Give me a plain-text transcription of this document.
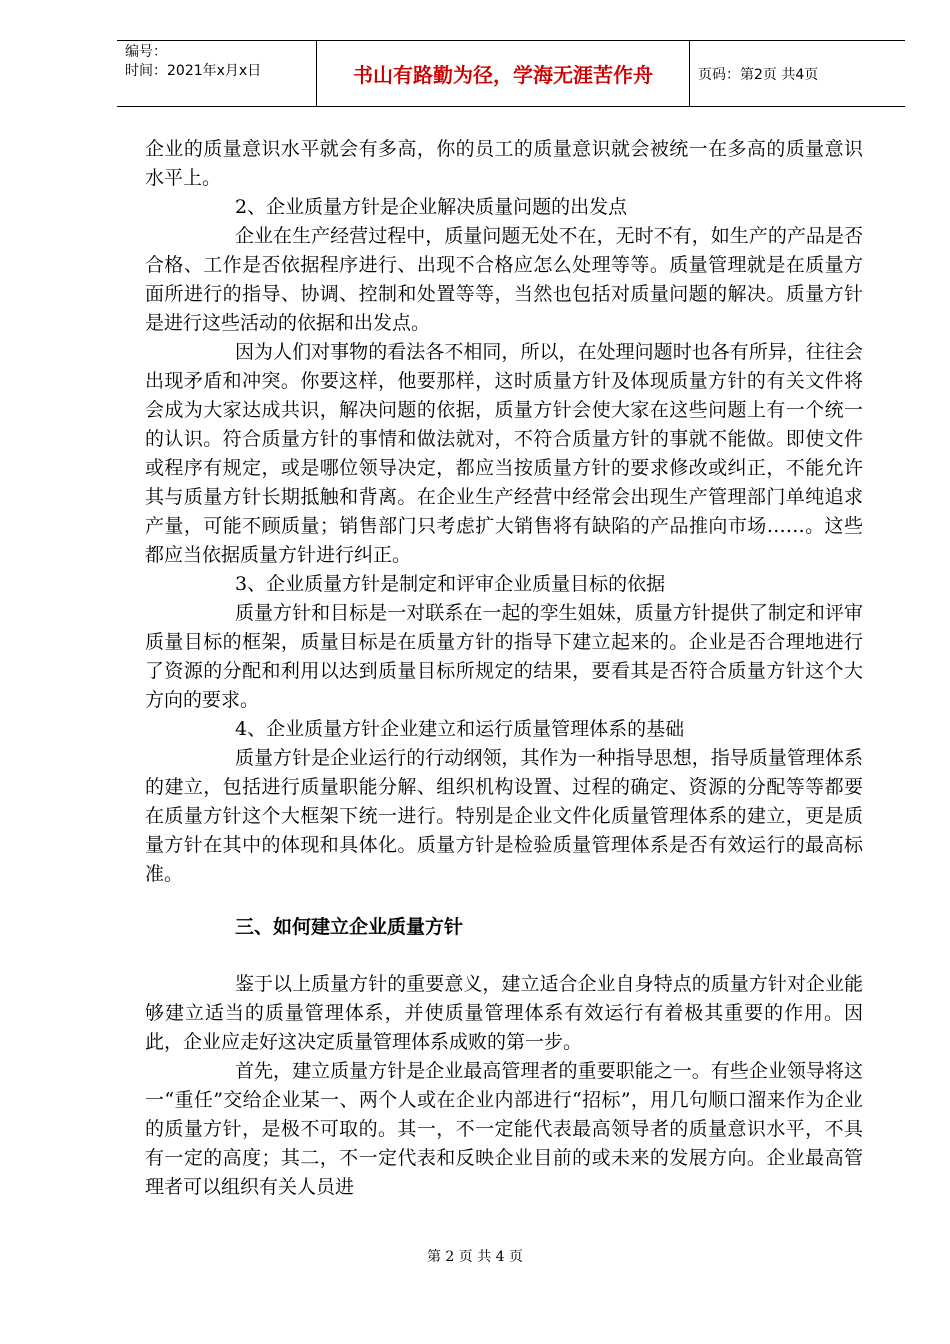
编号：
时间：2021年x月x日	书山有路勤为径，学海无涯苦作舟	页码：第2页 共4页

企业的质量意识水平就会有多高，你的员工的质量意识就会被统一在多高的质量意识水平上。

2、企业质量方针是企业解决质量问题的出发点

企业在生产经营过程中，质量问题无处不在，无时不有，如生产的产品是否合格、工作是否依据程序进行、出现不合格应怎么处理等等。质量管理就是在质量方面所进行的指导、协调、控制和处置等等，当然也包括对质量问题的解决。质量方针是进行这些活动的依据和出发点。

因为人们对事物的看法各不相同，所以，在处理问题时也各有所异，往往会出现矛盾和冲突。你要这样，他要那样，这时质量方针及体现质量方针的有关文件将会成为大家达成共识，解决问题的依据，质量方针会使大家在这些问题上有一个统一的认识。符合质量方针的事情和做法就对，不符合质量方针的事就不能做。即使文件或程序有规定，或是哪位领导决定，都应当按质量方针的要求修改或纠正，不能允许其与质量方针长期抵触和背离。在企业生产经营中经常会出现生产管理部门单纯追求产量，可能不顾质量；销售部门只考虑扩大销售将有缺陷的产品推向市场……。这些都应当依据质量方针进行纠正。

3、企业质量方针是制定和评审企业质量目标的依据

质量方针和目标是一对联系在一起的孪生姐妹，质量方针提供了制定和评审质量目标的框架，质量目标是在质量方针的指导下建立起来的。企业是否合理地进行了资源的分配和利用以达到质量目标所规定的结果，要看其是否符合质量方针这个大方向的要求。

4、企业质量方针企业建立和运行质量管理体系的基础

质量方针是企业运行的行动纲领，其作为一种指导思想，指导质量管理体系的建立，包括进行质量职能分解、组织机构设置、过程的确定、资源的分配等等都要在质量方针这个大框架下统一进行。特别是企业文件化质量管理体系的建立，更是质量方针在其中的体现和具体化。质量方针是检验质量管理体系是否有效运行的最高标准。

三、如何建立企业质量方针

鉴于以上质量方针的重要意义，建立适合企业自身特点的质量方针对企业能够建立适当的质量管理体系，并使质量管理体系有效运行有着极其重要的作用。因此，企业应走好这决定质量管理体系成败的第一步。

首先，建立质量方针是企业最高管理者的重要职能之一。有些企业领导将这一“重任”交给企业某一、两个人或在企业内部进行“招标”，用几句顺口溜来作为企业的质量方针，是极不可取的。其一，不一定能代表最高领导者的质量意识水平，不具有一定的高度；其二，不一定代表和反映企业目前的或未来的发展方向。企业最高管理者可以组织有关人员进

第 2 页 共 4 页
